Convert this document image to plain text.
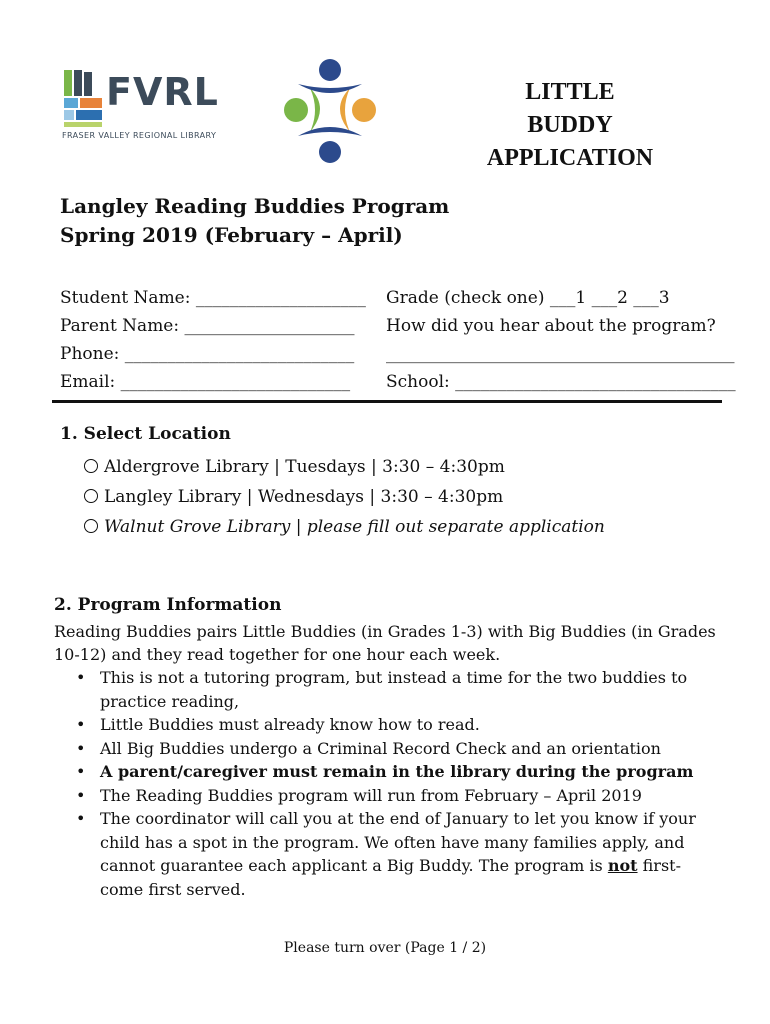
FVRL
FRASER VALLEY REGIONAL LIBRARY
LITTLE
BUDDY
APPLICATION
Langley Reading Buddies Program
Spring 2019 (February – April)
Student Name: ____________________
Parent Name: ____________________
Phone: ___________________________
Email: ___________________________
Grade (check one) ___1 ___2 ___3
How did you hear about the program?
_________________________________________
School: _________________________________
1. Select Location
Aldergrove Library | Tuesdays | 3:30 – 4:30pm
Langley Library | Wednesdays | 3:30 – 4:30pm
Walnut Grove Library | please fill out separate application
2. Program Information
Reading Buddies pairs Little Buddies (in Grades 1-3) with Big Buddies (in Grades 10-12) and they read together for one hour each week.
• This is not a tutoring program, but instead a time for the two buddies to practice reading,
• Little Buddies must already know how to read.
• All Big Buddies undergo a Criminal Record Check and an orientation
• A parent/caregiver must remain in the library during the program
• The Reading Buddies program will run from February – April 2019
• The coordinator will call you at the end of January to let you know if your child has a spot in the program. We often have many families apply, and cannot guarantee each applicant a Big Buddy. The program is not first-come first served.
Please turn over (Page 1 / 2)
